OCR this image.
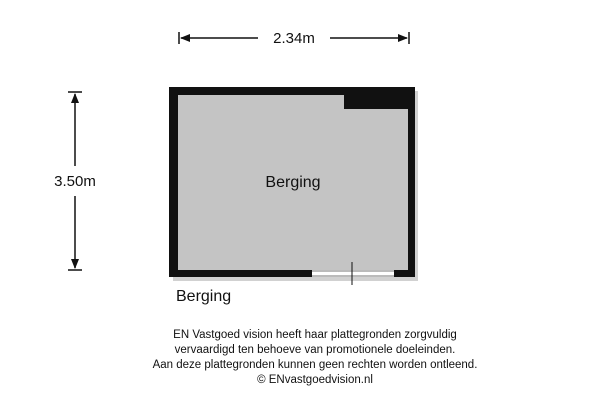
2.34m
3.50m	Berging
Berging
EN Vastgoed vision heeft haar plattegronden zorgvuldig
vervaardigd ten behoeve van promotionele doeleinden.
Aan deze plattegronden kunnen geen rechten worden ontleend.
© ENvastgoedvision.nl
